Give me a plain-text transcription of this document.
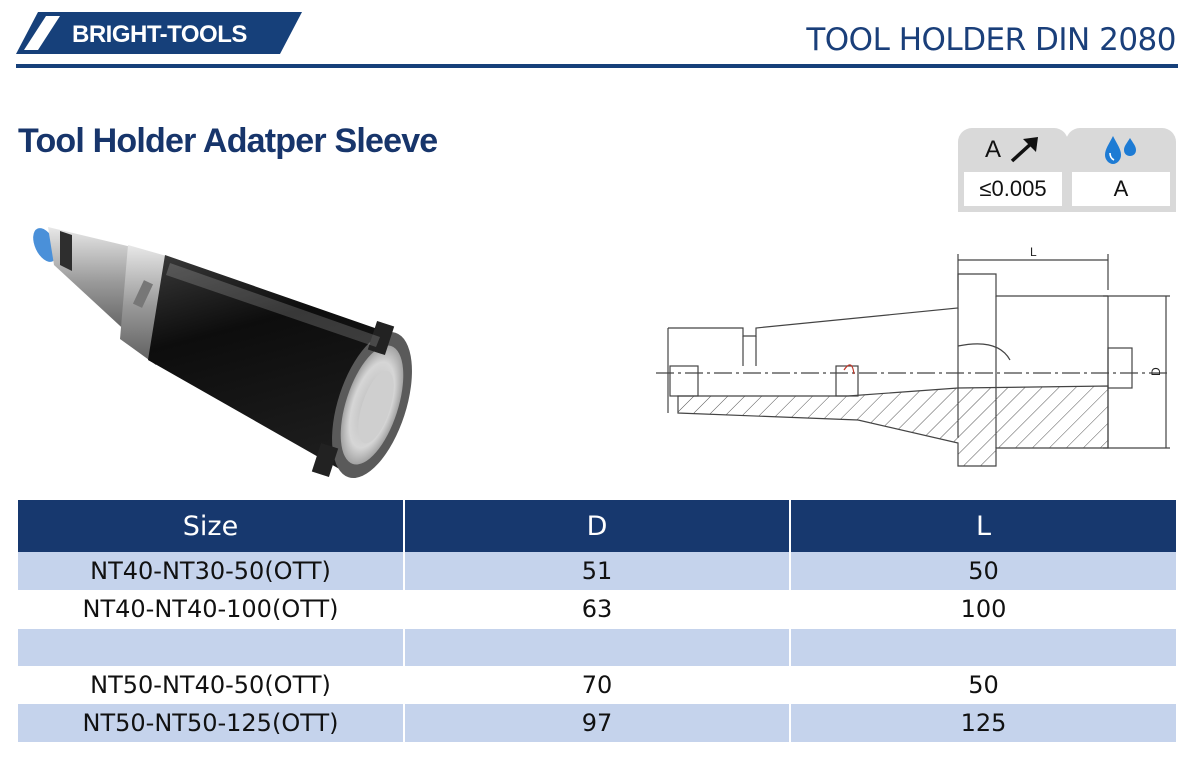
BRIGHT-TOOLS	TOOL HOLDER DIN 2080
Tool Holder Adatper Sleeve	A
≤0.005	A
L
D
Size	D	L
NT40-NT30-50(OTT)	51	50
NT40-NT40-100(OTT)	63	100

NT50-NT40-50(OTT)	70	50
NT50-NT50-125(OTT)	97	125
